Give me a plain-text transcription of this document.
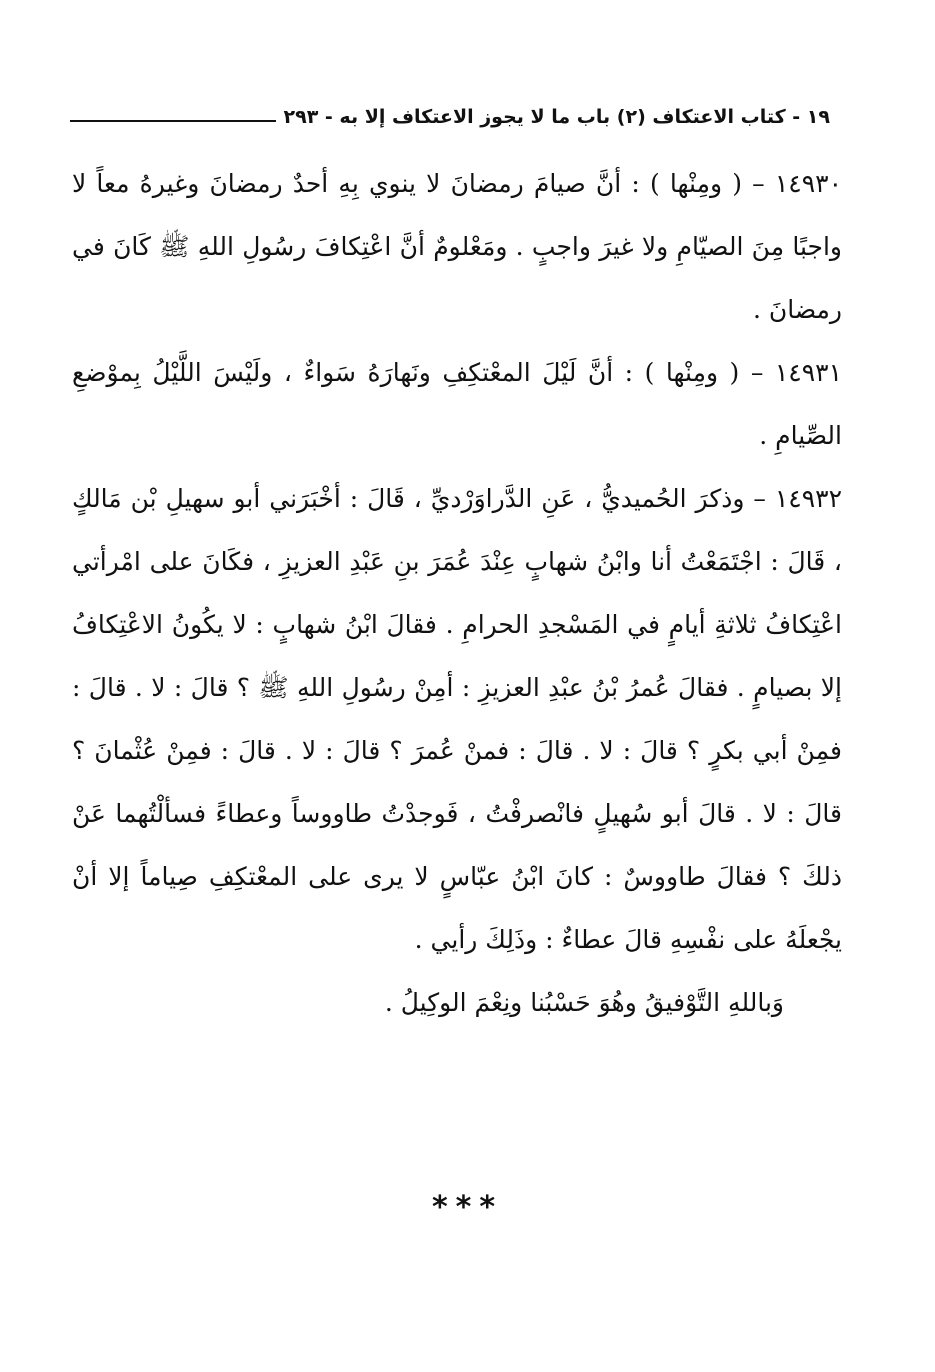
١٩ - كتاب الاعتكاف (٢) باب ما لا يجوز الاعتكاف إلا به - ٢٩٣

١٤٩٣٠ – ( ومِنْها ) : أنَّ صيامَ رمضانَ لا ينوي بِهِ أحدٌ رمضانَ وغيرهُ معاً لا واجبًا مِنَ الصيّامِ ولا غيرَ واجبٍ . ومَعْلومٌ أنَّ اعْتِكافَ رسُولِ اللهِ ﷺ كَانَ في رمضانَ .

١٤٩٣١ – ( ومِنْها ) : أنَّ لَيْلَ المعْتكِفِ ونَهارَهُ سَواءٌ ، ولَيْسَ اللَّيْلُ بِموْضعِ الصِّيامِ .

١٤٩٣٢ – وذكرَ الحُميديُّ ، عَنِ الدَّراوَرْديِّ ، قَالَ : أخْبَرَني أبو سهيلِ بْن مَالكٍ ، قَالَ : اجْتَمَعْتُ أنا وابْنُ شهابٍ عِنْدَ عُمَرَ بنِ عَبْدِ العزيزِ ، فكَانَ على امْرأتي اعْتِكافُ ثلاثةِ أيامٍ في المَسْجدِ الحرامِ . فقالَ ابْنُ شهابٍ : لا يكُونُ الاعْتِكافُ إلا بصيامٍ . فقالَ عُمرُ بْنُ عبْدِ العزيزِ : أمِنْ رسُولِ اللهِ ﷺ ؟ قالَ : لا . قالَ : فمِنْ أبي بكرٍ ؟ قالَ : لا . قالَ : فمنْ عُمرَ ؟ قالَ : لا . قالَ : فمِنْ عُثْمانَ ؟ قالَ : لا . قالَ أبو سُهيلٍ فانْصرفْتُ ، فَوجدْتُ طاووساً وعطاءً فسألْتُهما عَنْ ذلكَ ؟ فقالَ طاووسٌ : كانَ ابْنُ عبّاسٍ لا يرى على المعْتكِفِ صِياماً إلا أنْ يجْعلَهُ على نفْسِهِ قالَ عطاءٌ : وذَلِكَ رأيي .

وَباللهِ التَّوْفيقُ وهُوَ حَسْبُنا ونِعْمَ الوكِيلُ .

***
